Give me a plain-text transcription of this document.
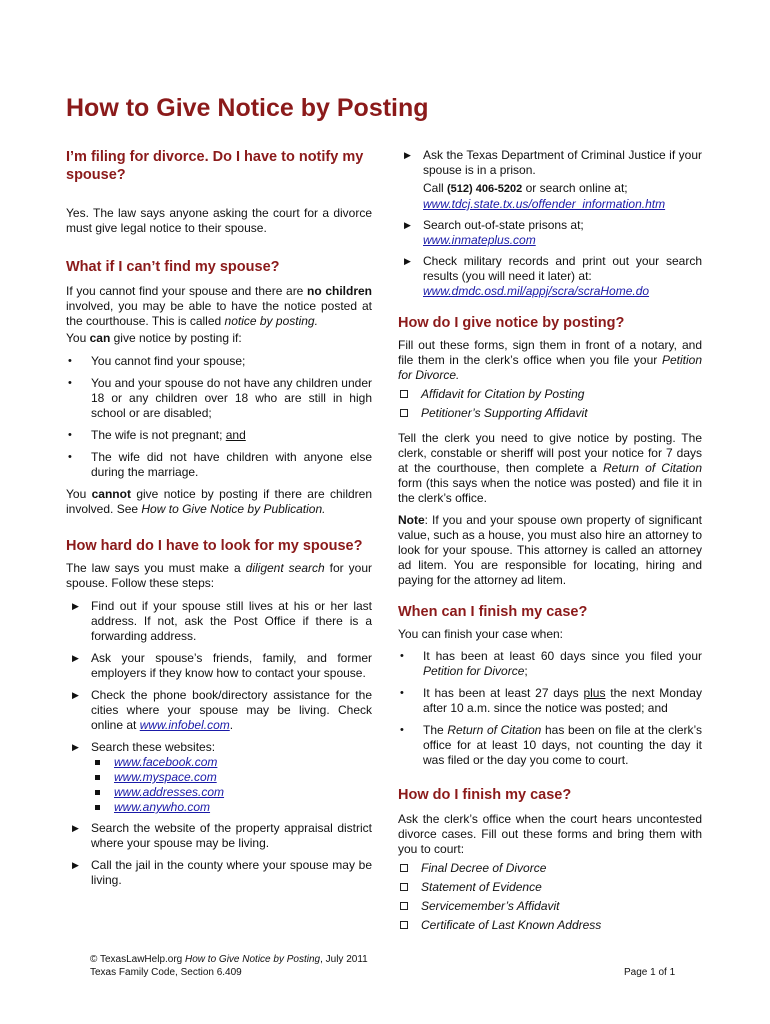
How to Give Notice by Posting
I’m filing for divorce. Do I have to notify my spouse?

Yes. The law says anyone asking the court for a divorce must give legal notice to their spouse.

What if I can’t find my spouse?

If you cannot find your spouse and there are no children involved, you may be able to have the notice posted at the courthouse. This is called notice by posting.

You can give notice by posting if:

• You cannot find your spouse;
• You and your spouse do not have any children under 18 or any children over 18 who are still in high school or are disabled;
• The wife is not pregnant; and
• The wife did not have children with anyone else during the marriage.

You cannot give notice by posting if there are children involved. See How to Give Notice by Publication.

How hard do I have to look for my spouse?

The law says you must make a diligent search for your spouse. Follow these steps:

▶ Find out if your spouse still lives at his or her last address. If not, ask the Post Office if there is a forwarding address.
▶ Ask your spouse’s friends, family, and former employers if they know how to contact your spouse.
▶ Check the phone book/directory assistance for the cities where your spouse may be living. Check online at www.infobel.com.
▶ Search these websites:
www.facebook.com
www.myspace.com
www.addresses.com
www.anywho.com
▶ Search the website of the property appraisal district where your spouse may be living.
▶ Call the jail in the county where your spouse may be living.
▶ Ask the Texas Department of Criminal Justice if your spouse is in a prison.
Call (512) 406-5202 or search online at;
www.tdcj.state.tx.us/offender_information.htm
▶ Search out-of-state prisons at;
www.inmateplus.com
▶ Check military records and print out your search results (you will need it later) at:
www.dmdc.osd.mil/appj/scra/scraHome.do
How do I give notice by posting?

Fill out these forms, sign them in front of a notary, and file them in the clerk’s office when you file your Petition for Divorce.

Affidavit for Citation by Posting
Petitioner’s Supporting Affidavit

Tell the clerk you need to give notice by posting. The clerk, constable or sheriff will post your notice for 7 days at the courthouse, then complete a Return of Citation form (this says when the notice was posted) and file it in the clerk’s office.

Note: If you and your spouse own property of significant value, such as a house, you must also hire an attorney to look for your spouse. This attorney is called an attorney ad litem. You are responsible for locating, hiring and paying for the attorney ad litem.

When can I finish my case?

You can finish your case when:

• It has been at least 60 days since you filed your Petition for Divorce;
• It has been at least 27 days plus the next Monday after 10 a.m. since the notice was posted; and
• The Return of Citation has been on file at the clerk’s office for at least 10 days, not counting the day it was filed or the day you come to court.
How do I finish my case?

Ask the clerk’s office when the court hears uncontested divorce cases. Fill out these forms and bring them with you to court:

Final Decree of Divorce
Statement of Evidence
Servicemember’s Affidavit
Certificate of Last Known Address
© TexasLawHelp.org How to Give Notice by Posting, July 2011
Texas Family Code, Section 6.409	Page 1 of 1
